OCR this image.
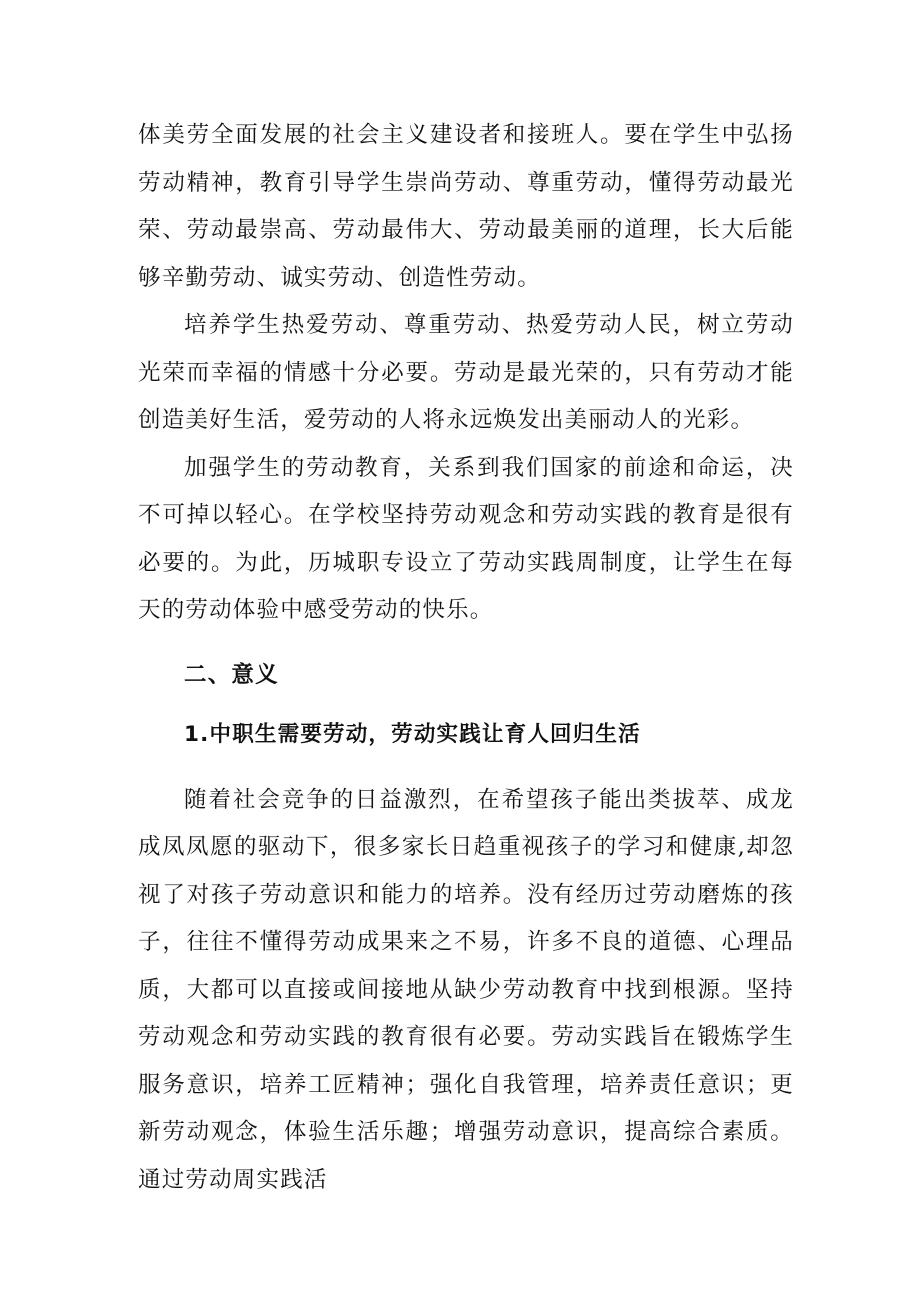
体美劳全面发展的社会主义建设者和接班人。要在学生中弘扬劳动精神，教育引导学生崇尚劳动、尊重劳动，懂得劳动最光荣、劳动最崇高、劳动最伟大、劳动最美丽的道理，长大后能够辛勤劳动、诚实劳动、创造性劳动。

培养学生热爱劳动、尊重劳动、热爱劳动人民，树立劳动光荣而幸福的情感十分必要。劳动是最光荣的，只有劳动才能创造美好生活，爱劳动的人将永远焕发出美丽动人的光彩。

加强学生的劳动教育，关系到我们国家的前途和命运，决不可掉以轻心。在学校坚持劳动观念和劳动实践的教育是很有必要的。为此，历城职专设立了劳动实践周制度，让学生在每天的劳动体验中感受劳动的快乐。

二、意义
1.中职生需要劳动，劳动实践让育人回归生活

随着社会竞争的日益激烈，在希望孩子能出类拔萃、成龙成凤凤愿的驱动下，很多家长日趋重视孩子的学习和健康,却忽视了对孩子劳动意识和能力的培养。没有经历过劳动磨炼的孩子，往往不懂得劳动成果来之不易，许多不良的道德、心理品质，大都可以直接或间接地从缺少劳动教育中找到根源。坚持劳动观念和劳动实践的教育很有必要。劳动实践旨在锻炼学生服务意识，培养工匠精神；强化自我管理，培养责任意识；更新劳动观念，体验生活乐趣；增强劳动意识，提高综合素质。通过劳动周实践活
